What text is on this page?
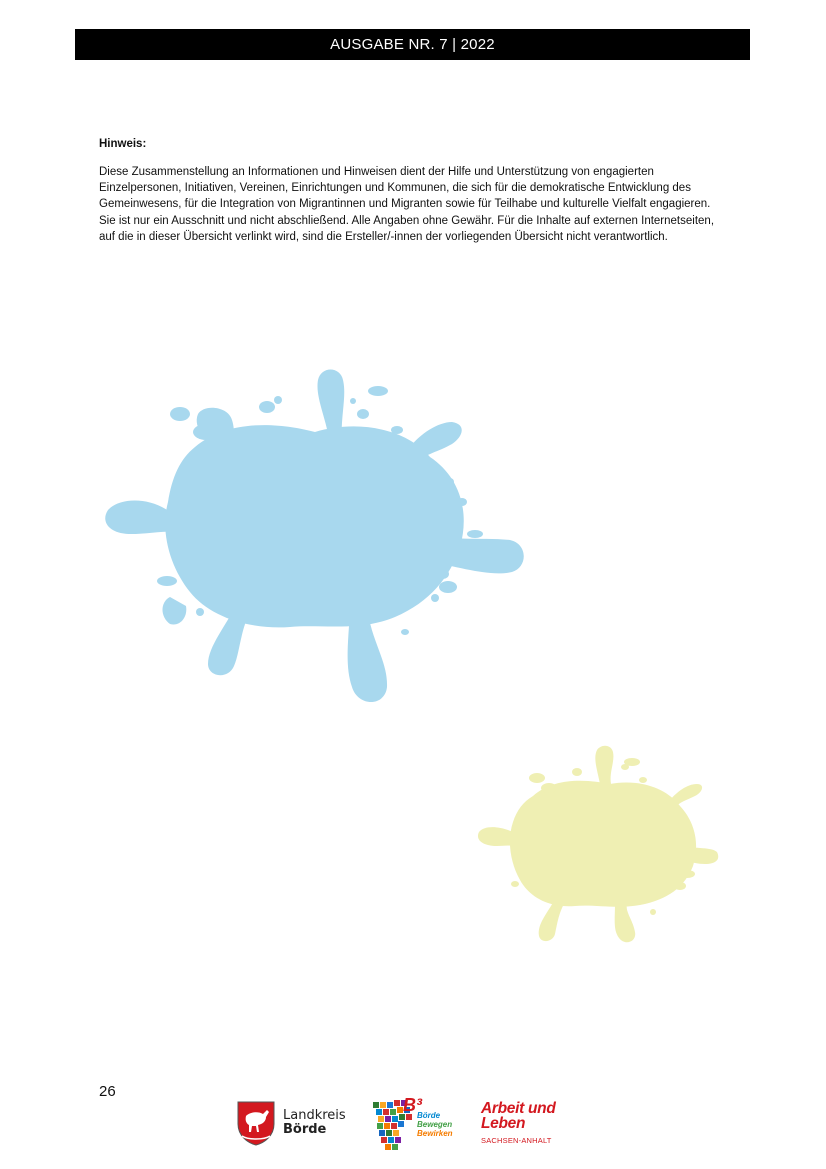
AUSGABE NR. 7 | 2022
Hinweis:

Diese Zusammenstellung an Informationen und Hinweisen dient der Hilfe und Unterstützung von engagierten Einzelpersonen, Initiativen, Vereinen, Einrichtungen und Kommunen, die sich für die demokratische Entwicklung des Gemeinwesens, für die Integration von Migrantinnen und Migranten sowie für Teilhabe und kulturelle Vielfalt engagieren. Sie ist nur ein Ausschnitt und nicht abschließend. Alle Angaben ohne Gewähr. Für die Inhalte auf externen Internetseiten, auf die in dieser Übersicht verlinkt wird, sind die Ersteller/-innen der vorliegenden Übersicht nicht verantwortlich.

26
Landkreis
Börde
B³
Börde
Bewegen
Bewirken
Arbeit und
Leben
SACHSEN-ANHALT
